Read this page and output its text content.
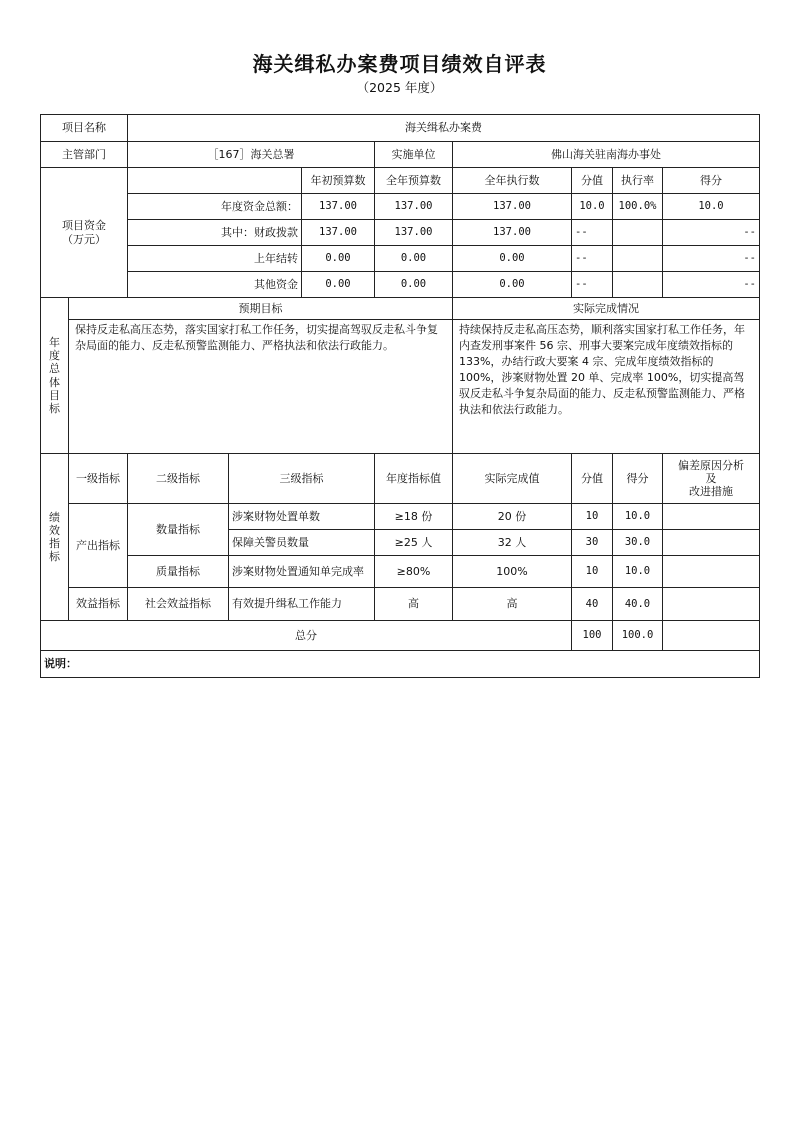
海关缉私办案费项目绩效自评表
（2025 年度）
项目名称		海关缉私办案费							
主管部门		［167］海关总署			实施单位	佛山海关驻南海办事处			

项目资金
（万元）				年初预算数	全年预算数	全年执行数	分值	执行率	得分
		年度资金总额：		137.00	137.00	137.00	10.0	100.0%	10.0
		其中：财政拨款		137.00	137.00	137.00	--		--
		上年结转		0.00	0.00	0.00	--		--
		其他资金		0.00	0.00	0.00	--		--

年度总体目标	预期目标					实际完成情况			
	保持反走私高压态势，落实国家打私工作任务，切实提高驾驭反走私斗争复杂局面的能力、反走私预警监测能力、严格执法和依法行政能力。					持续保持反走私高压态势，顺利落实国家打私工作任务，年内查发刑事案件 56 宗、刑事大要案完成年度绩效指标的 133%，办结行政大要案 4 宗、完成年度绩效指标的 100%，涉案财物处置 20 单、完成率 100%，切实提高驾驭反走私斗争复杂局面的能力、反走私预警监测能力、严格执法和依法行政能力。			

绩效指标	一级指标	二级指标	三级指标		年度指标值	实际完成值	分值	得分	偏差原因分析
及
改进措施

	产出指标	数量指标	涉案财物处置单数		≥18 份	20 份	10	10.0	
			保障关警员数量		≥25 人	32 人	30	30.0	
		质量指标	涉案财物处置通知单完成率		≥80%	100%	10	10.0	
	效益指标	社会效益指标	有效提升缉私工作能力		高	高	40	40.0	
总分							100	100.0	
说明：									
